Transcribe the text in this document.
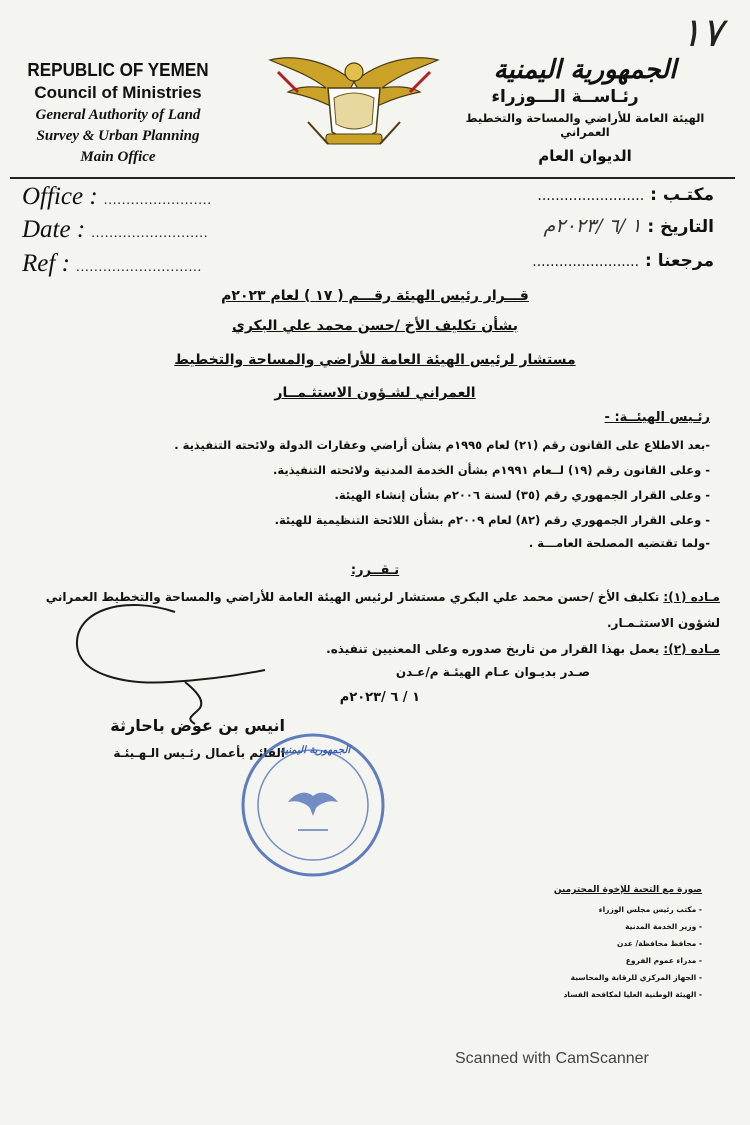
١٧
REPUBLIC OF YEMEN
Council of Ministries
General Authority of Land
Survey & Urban Planning
Main Office
الجمهورية اليمنية
رئـاســة الـــوزراء
الهيئة العامة للأراضي والمساحة والتخطيط العمراني
الديوان العام
Office : ........................
Date : ..........................
Ref : ............................
مكتـب : ........................
التاريخ : ١ /٦ /٢٠٢٣م
مرجعنا : ........................
قـــرار رئيس الهيئة رقـــم ( ١٧ ) لعام ٢٠٢٣م
بشأن تكليف الأخ /حسن محمد علي البكري
مستشار لرئيس الهيئة العامة للأراضي والمساحة والتخطيط
العمراني لشـؤون الاستثـمــار
رئـيس الهيئــة: -
-بعد الاطلاع على القانون رقم (٢١) لعام ١٩٩٥م بشأن أراضي وعقارات الدولة ولائحته التنفيذية .
- وعلى القانون رقم (١٩) لــعام ١٩٩١م بشأن الخدمة المدنية ولائحته التنفيذية.
- وعلى القرار الجمهوري رقم (٣٥) لسنة ٢٠٠٦م بشأن إنشاء الهيئة.
- وعلى القرار الجمهوري رقم (٨٢) لعام ٢٠٠٩م بشأن اللائحة التنظيمية للهيئة.
-ولما تقتضيه المصلحة العامـــة .
تـقــرر:
مـاده (١): تكليف الأخ /حسن محمد علي البكري مستشار لرئيس الهيئة العامة للأراضي والمساحة والتخطيط العمراني لشؤون الاستثـمـار.
مـاده (٢): يعمل بهذا القرار من تاريخ صدوره وعلى المعنيين تنفيذه.
صـدر بديـوان عـام الهيئـة م/عـدن
١ / ٦ /٢٠٢٣م
انيس بن عوض باحارثة
القائم بأعمال رئـيس الـهـيئـة
الجمهورية اليمنية
صورة مع التحية للإخوة المحترمين
- مكتب رئيس مجلس الوزراء
- وزير الخدمة المدنية
- محافظ محافظة/ عدن
- مدراء عموم الفروع
- الجهاز المركزي للرقابة والمحاسبة
- الهيئة الوطنية العليا لمكافحة الفساد
Scanned with CamScanner
